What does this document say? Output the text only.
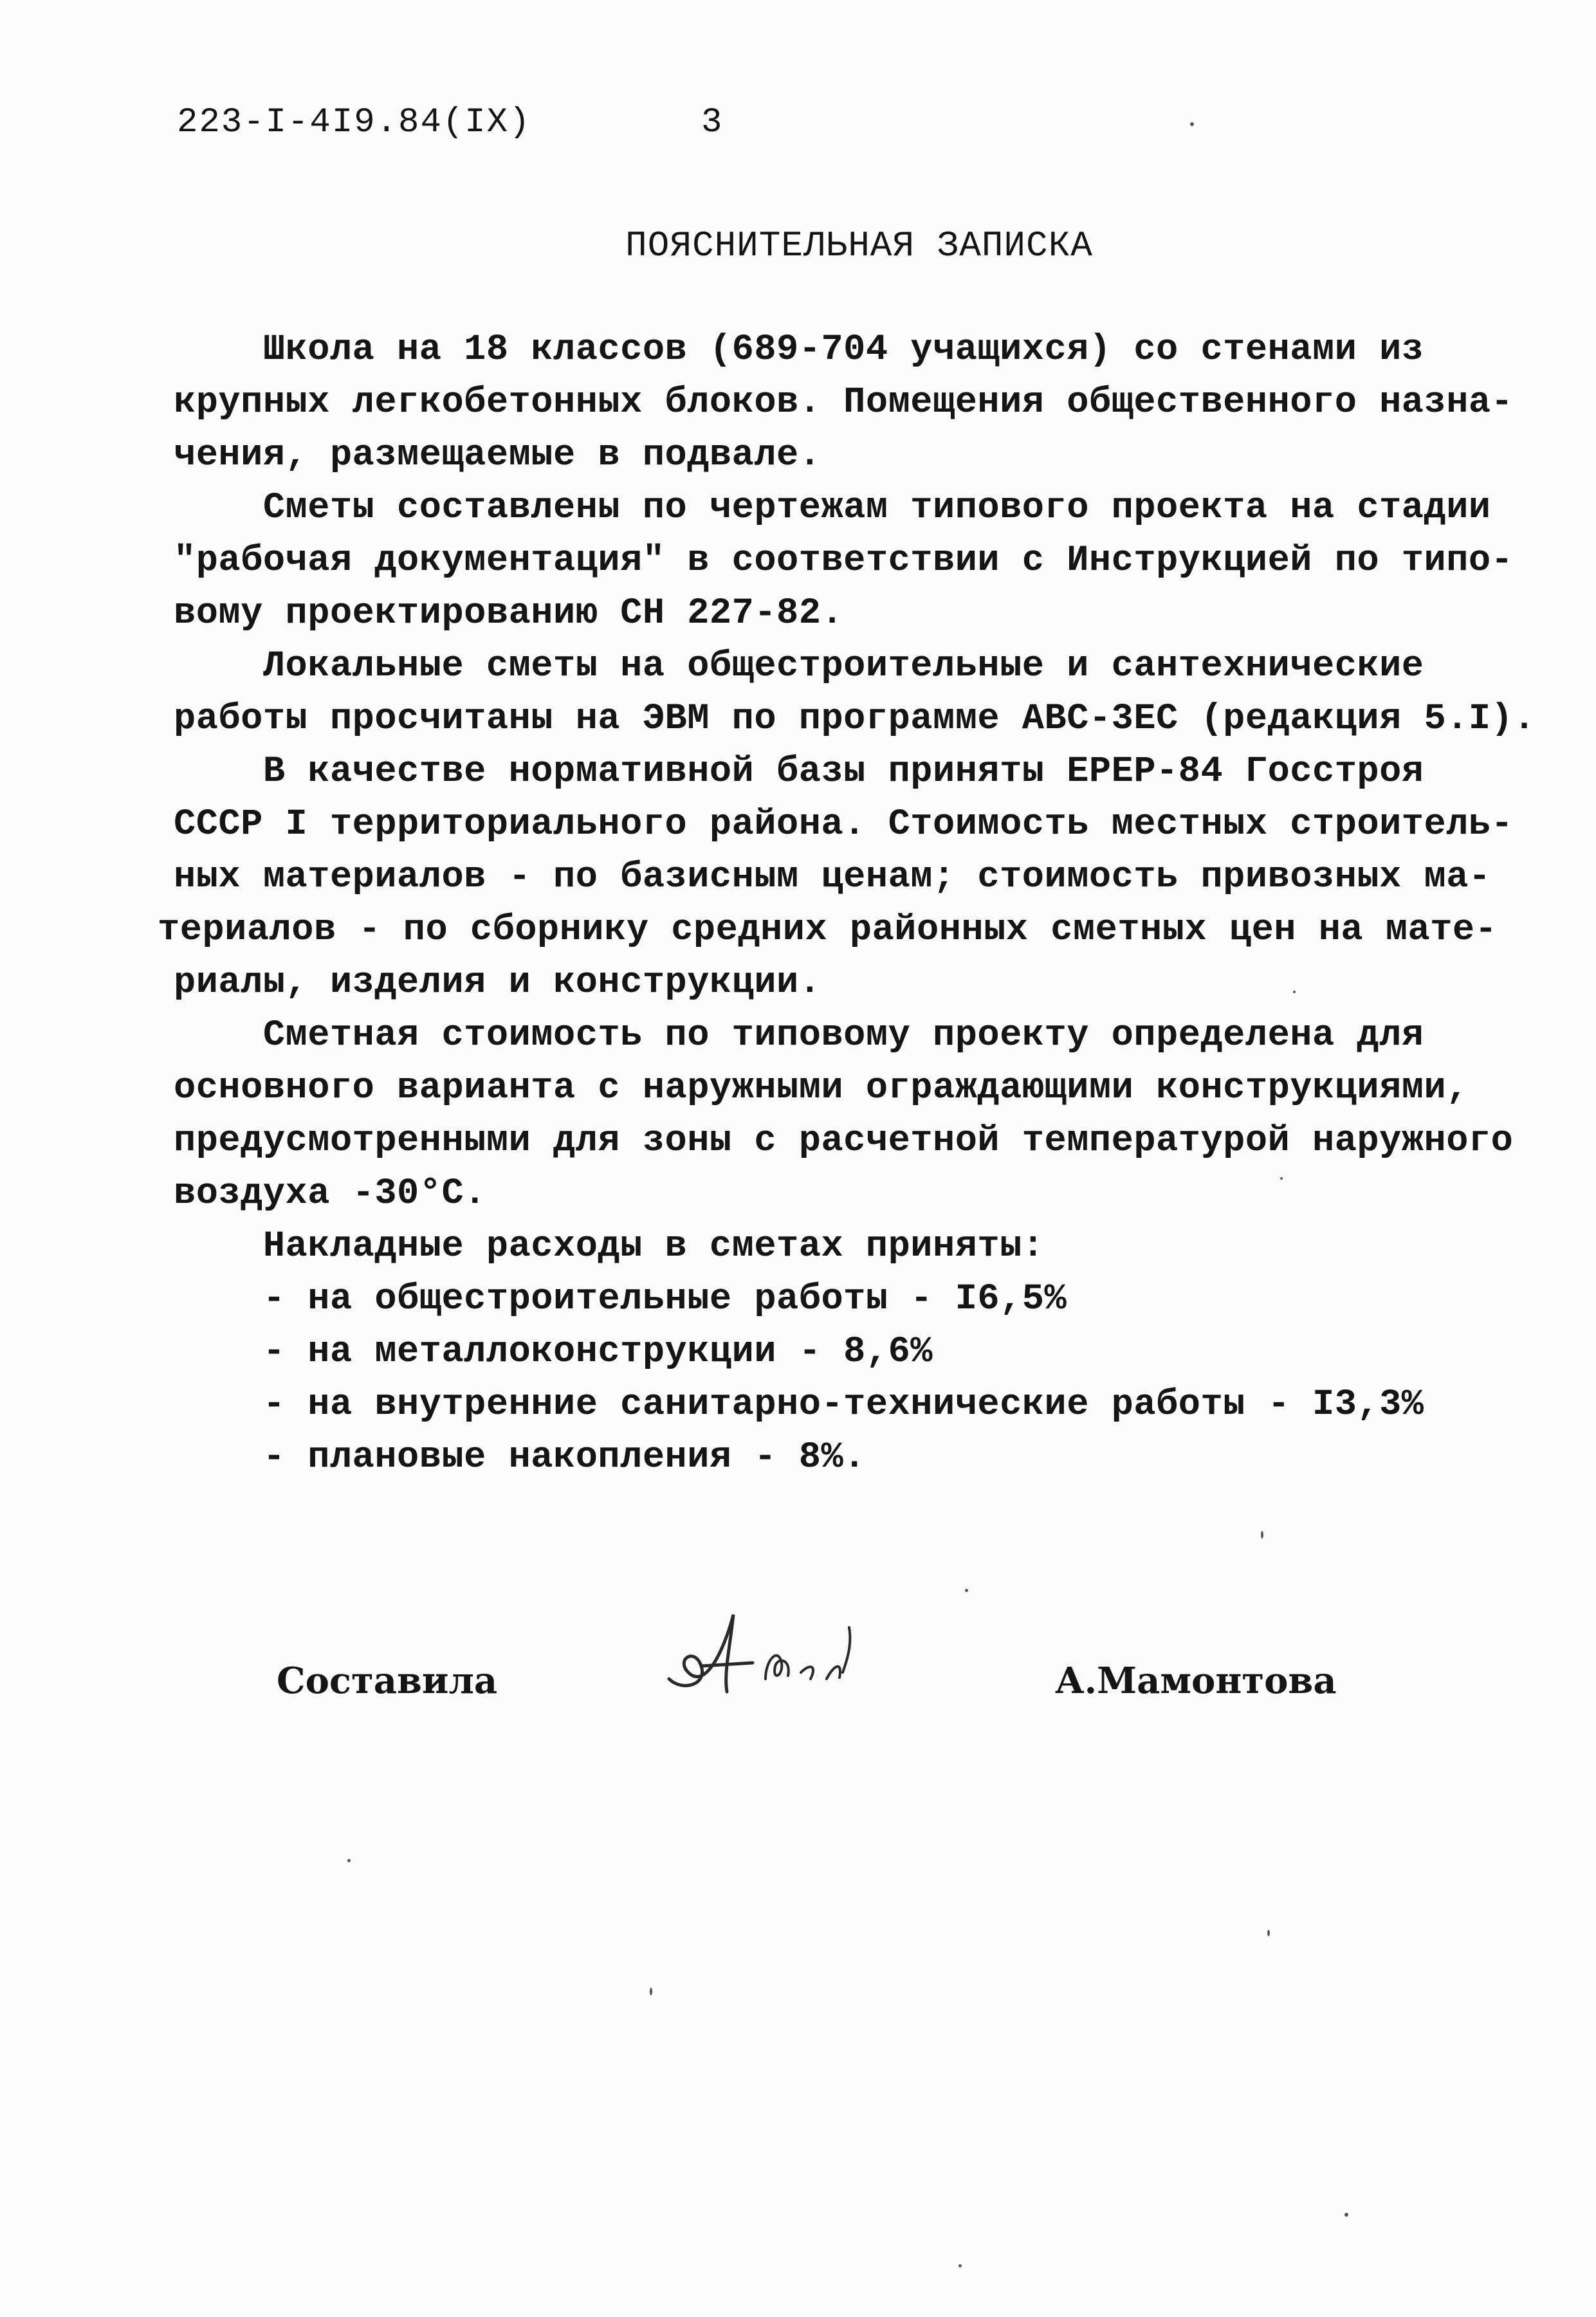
223-I-4I9.84(IX)	3
ПОЯСНИТЕЛЬНАЯ ЗАПИСКА
Школа на 18 классов (689-704 учащихся) со стенами из
крупных легкобетонных блоков. Помещения общественного назна-
чения, размещаемые в подвале.
Сметы составлены по чертежам типового проекта на стадии
"рабочая документация" в соответствии с Инструкцией по типо-
вому проектированию СН 227-82.
Локальные сметы на общестроительные и сантехнические
работы просчитаны на ЭВМ по программе АВС-3ЕС (редакция 5.I).
В качестве нормативной базы приняты ЕРЕР-84 Госстроя
СССР I территориального района. Стоимость местных строитель-
ных материалов - по базисным ценам; стоимость привозных ма-
териалов - по сборнику средних районных сметных цен на мате-
риалы, изделия и конструкции.
Сметная стоимость по типовому проекту определена для
основного варианта с наружными ограждающими конструкциями,
предусмотренными для зоны с расчетной температурой наружного
воздуха -30°С.
Накладные расходы в сметах приняты:
- на общестроительные работы - I6,5%
- на металлоконструкции - 8,6%
- на внутренние санитарно-технические работы - I3,3%
- плановые накопления - 8%.
Составила	А.Мамонтова
